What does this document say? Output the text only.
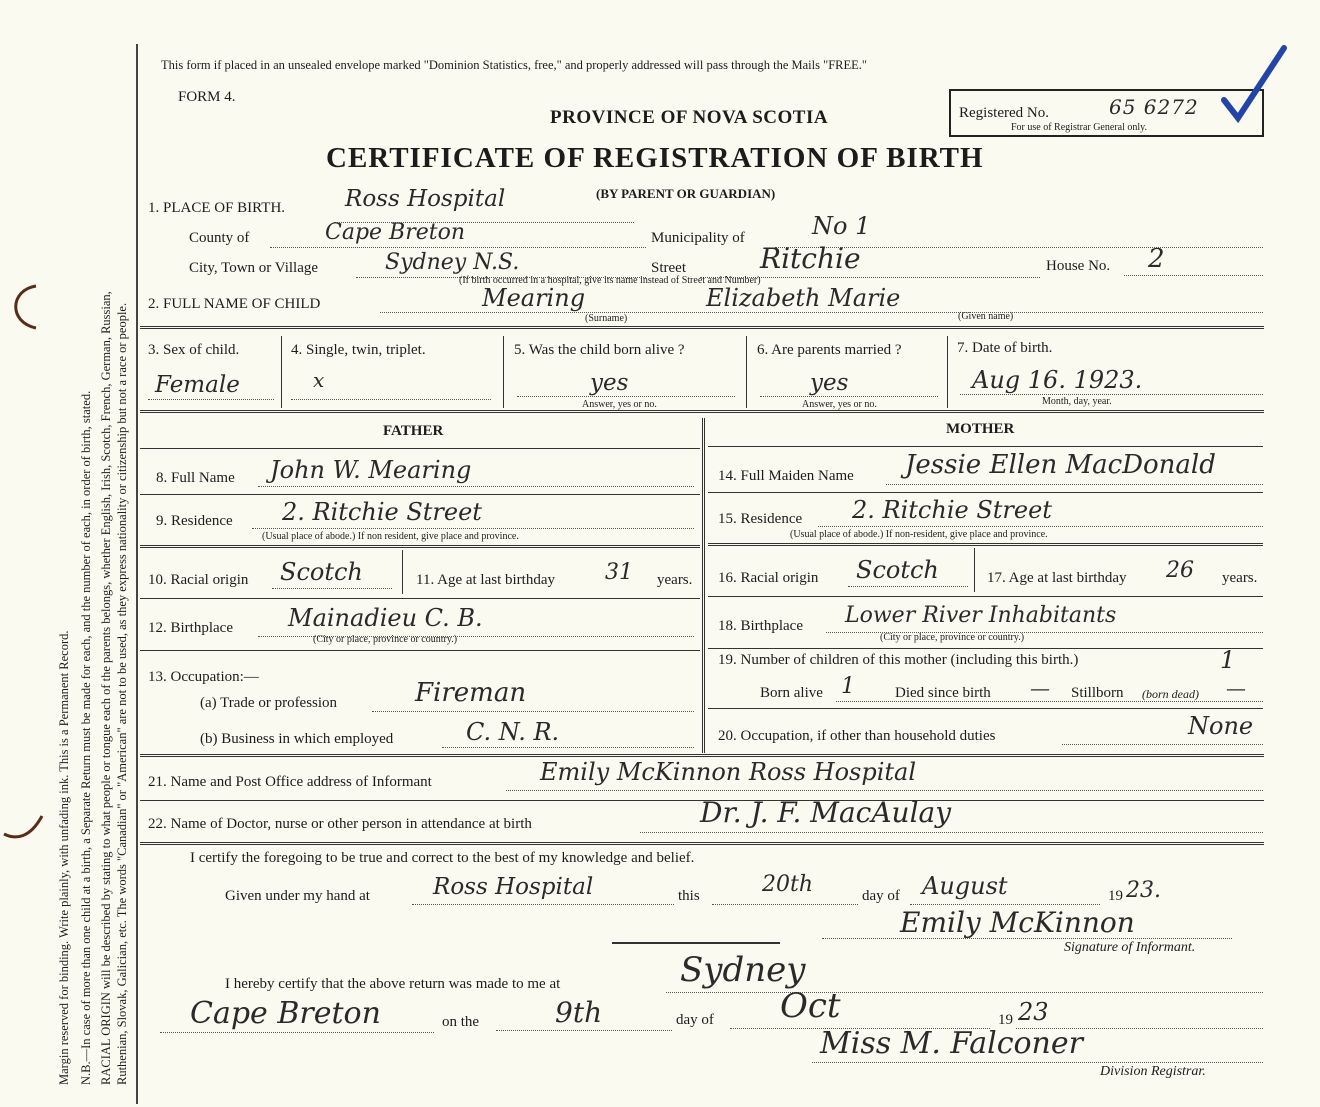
Margin reserved for binding. Write plainly, with unfading ink. This is a Permanent Record. N.B.—In case of more than one child at a birth, a Separate Return must be made for each, and the number of each, in order of birth, stated. RACIAL ORIGIN will be described by stating to what people or tongue each of the parents belongs, whether English, Irish, Scotch, French, German, Russian, Ruthenian, Slovak, Galician, etc. The words "Canadian" or "American" are not to be used, as they express nationality or citizenship but not a race or people.
This form if placed in an unsealed envelope marked "Dominion Statistics, free," and properly addressed will pass through the Mails "FREE."
FORM 4.
PROVINCE OF NOVA SCOTIA	Registered No.	65 6272
For use of Registrar General only.
CERTIFICATE OF REGISTRATION OF BIRTH
(BY PARENT OR GUARDIAN)
1. PLACE OF BIRTH.	Ross Hospital
County of	Cape Breton	Municipality of	No 1
City, Town or Village	Sydney N.S.	Street	Ritchie	House No. 2
(If birth occurred in a hospital, give its name instead of Street and Number)
2. FULL NAME OF CHILD	Mearing	Elizabeth Marie
(Surname)	(Given name)
3. Sex of child.
Female
4. Single, twin, triplet.
x
5. Was the child born alive ?
yes
Answer, yes or no.
6. Are parents married ?
yes
Answer, yes or no.
7. Date of birth.
Aug 16. 1923.
Month, day, year.
FATHER	MOTHER
8. Full Name John W. Mearing
9. Residence 2. Ritchie Street
(Usual place of abode.) If non resident, give place and province.
10. Racial origin Scotch	11. Age at last birthday 31 years.
12. Birthplace Mainadieu C. B.
(City or place, province or country.)
13. Occupation:—
(a) Trade or profession	Fireman
(b) Business in which employed	C. N. R.
14. Full Maiden Name Jessie Ellen MacDonald
15. Residence 2. Ritchie Street
(Usual place of abode.) If non-resident, give place and province.
16. Racial origin Scotch	17. Age at last birthday 26 years.
18. Birthplace Lower River Inhabitants
(City or place, province or country.)
19. Number of children of this mother (including this birth.)	1
Born alive 1	Died since birth — Stillborn (born dead) —
20. Occupation, if other than household duties	None
21. Name and Post Office address of Informant	Emily McKinnon Ross Hospital
22. Name of Doctor, nurse or other person in attendance at birth	Dr. J. F. MacAulay
I certify the foregoing to be true and correct to the best of my knowledge and belief.
Given under my hand at	Ross Hospital	this	20th	day of August	19 23.
Emily McKinnon
Signature of Informant.
I hereby certify that the above return was made to me at	Sydney
Cape Breton	on the	9th	day of Oct	19 23
Miss M. Falconer
Division Registrar.
